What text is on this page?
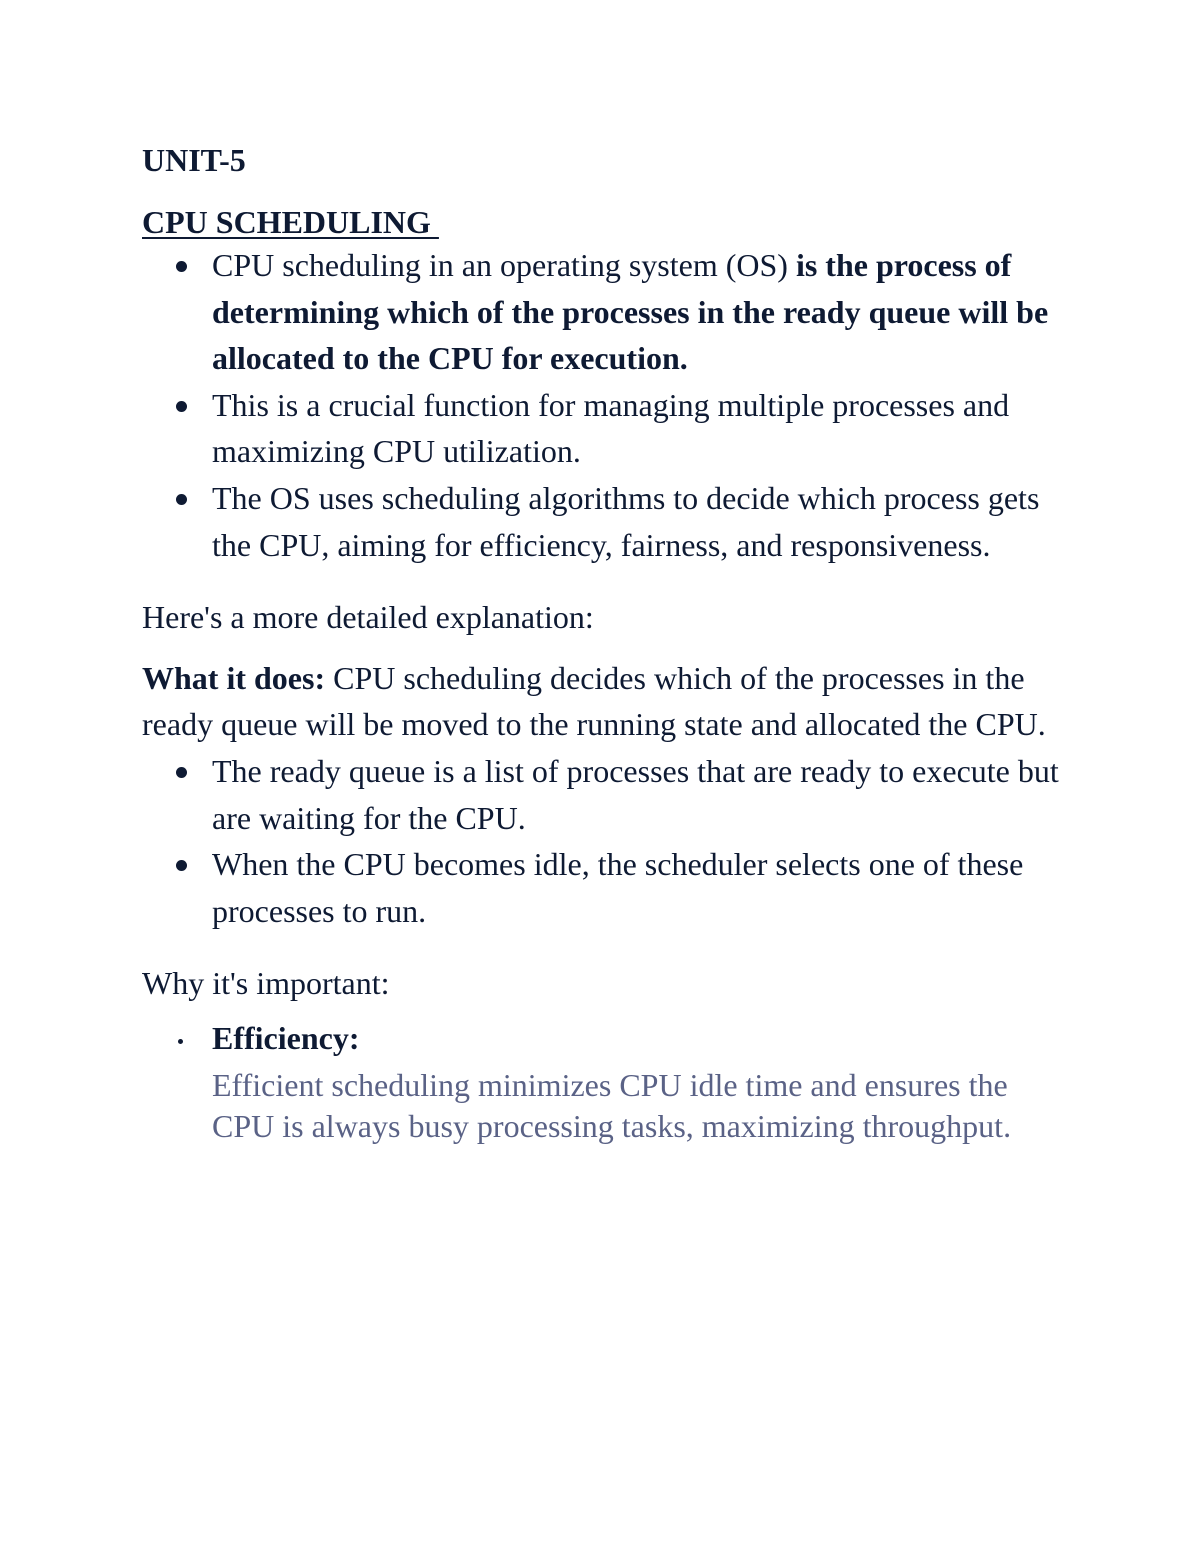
UNIT-5

CPU SCHEDULING

CPU scheduling in an operating system (OS) is the process of determining which of the processes in the ready queue will be allocated to the CPU for execution.
This is a crucial function for managing multiple processes and maximizing CPU utilization.
The OS uses scheduling algorithms to decide which process gets the CPU, aiming for efficiency, fairness, and responsiveness.

Here's a more detailed explanation:

What it does: CPU scheduling decides which of the processes in the ready queue will be moved to the running state and allocated the CPU.

The ready queue is a list of processes that are ready to execute but are waiting for the CPU.
When the CPU becomes idle, the scheduler selects one of these processes to run.

Why it's important:

Efficiency:
Efficient scheduling minimizes CPU idle time and ensures the CPU is always busy processing tasks, maximizing throughput.
